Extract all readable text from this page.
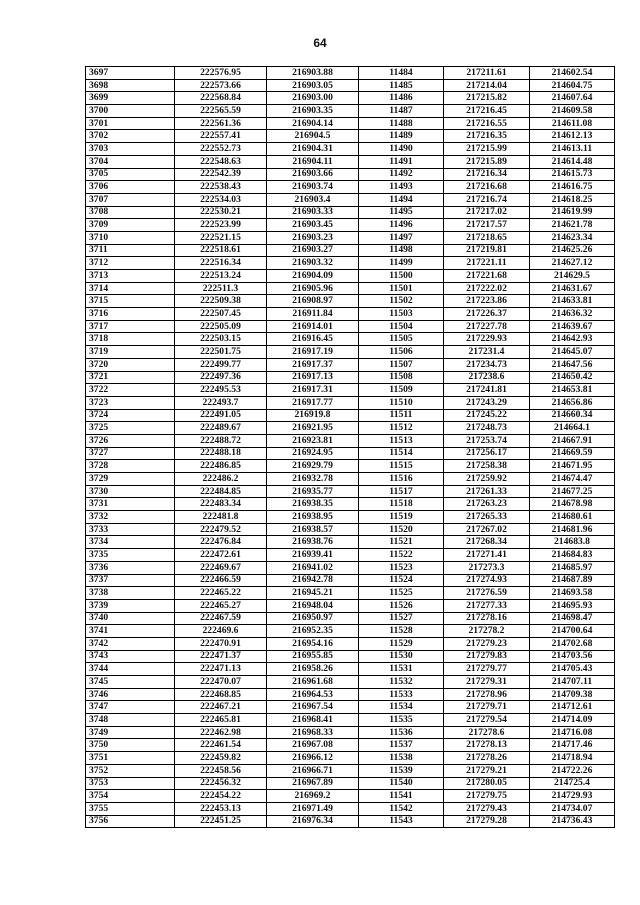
64
3697	222576.95	216903.88	11484	217211.61	214602.54
3698	222573.66	216903.05	11485	217214.04	214604.75
3699	222568.84	216903.00	11486	217215.82	214607.64
3700	222565.59	216903.35	11487	217216.45	214609.58
3701	222561.36	216904.14	11488	217216.55	214611.08
3702	222557.41	216904.5	11489	217216.35	214612.13
3703	222552.73	216904.31	11490	217215.99	214613.11
3704	222548.63	216904.11	11491	217215.89	214614.48
3705	222542.39	216903.66	11492	217216.34	214615.73
3706	222538.43	216903.74	11493	217216.68	214616.75
3707	222534.03	216903.4	11494	217216.74	214618.25
3708	222530.21	216903.33	11495	217217.02	214619.99
3709	222523.99	216903.45	11496	217217.57	214621.78
3710	222521.15	216903.23	11497	217218.65	214623.34
3711	222518.61	216903.27	11498	217219.81	214625.26
3712	222516.34	216903.32	11499	217221.11	214627.12
3713	222513.24	216904.09	11500	217221.68	214629.5
3714	222511.3	216905.96	11501	217222.02	214631.67
3715	222509.38	216908.97	11502	217223.86	214633.81
3716	222507.45	216911.84	11503	217226.37	214636.32
3717	222505.09	216914.01	11504	217227.78	214639.67
3718	222503.15	216916.45	11505	217229.93	214642.93
3719	222501.75	216917.19	11506	217231.4	214645.07
3720	222499.77	216917.37	11507	217234.73	214647.56
3721	222497.36	216917.13	11508	217238.6	214650.42
3722	222495.53	216917.31	11509	217241.81	214653.81
3723	222493.7	216917.77	11510	217243.29	214656.86
3724	222491.05	216919.8	11511	217245.22	214660.34
3725	222489.67	216921.95	11512	217248.73	214664.1
3726	222488.72	216923.81	11513	217253.74	214667.91
3727	222488.18	216924.95	11514	217256.17	214669.59
3728	222486.85	216929.79	11515	217258.38	214671.95
3729	222486.2	216932.78	11516	217259.92	214674.47
3730	222484.85	216935.77	11517	217261.33	214677.25
3731	222483.34	216938.35	11518	217263.23	214678.98
3732	222481.8	216938.95	11519	217265.33	214680.61
3733	222479.52	216938.57	11520	217267.02	214681.96
3734	222476.84	216938.76	11521	217268.34	214683.8
3735	222472.61	216939.41	11522	217271.41	214684.83
3736	222469.67	216941.02	11523	217273.3	214685.97
3737	222466.59	216942.78	11524	217274.93	214687.89
3738	222465.22	216945.21	11525	217276.59	214693.58
3739	222465.27	216948.04	11526	217277.33	214695.93
3740	222467.59	216950.97	11527	217278.16	214698.47
3741	222469.6	216952.35	11528	217278.2	214700.64
3742	222470.91	216954.16	11529	217279.23	214702.68
3743	222471.37	216955.85	11530	217279.83	214703.56
3744	222471.13	216958.26	11531	217279.77	214705.43
3745	222470.07	216961.68	11532	217279.31	214707.11
3746	222468.85	216964.53	11533	217278.96	214709.38
3747	222467.21	216967.54	11534	217279.71	214712.61
3748	222465.81	216968.41	11535	217279.54	214714.09
3749	222462.98	216968.33	11536	217278.6	214716.08
3750	222461.54	216967.08	11537	217278.13	214717.46
3751	222459.82	216966.12	11538	217278.26	214718.94
3752	222458.56	216966.71	11539	217279.21	214722.26
3753	222456.32	216967.89	11540	217280.05	214725.4
3754	222454.22	216969.2	11541	217279.75	214729.93
3755	222453.13	216971.49	11542	217279.43	214734.07
3756	222451.25	216976.34	11543	217279.28	214736.43
